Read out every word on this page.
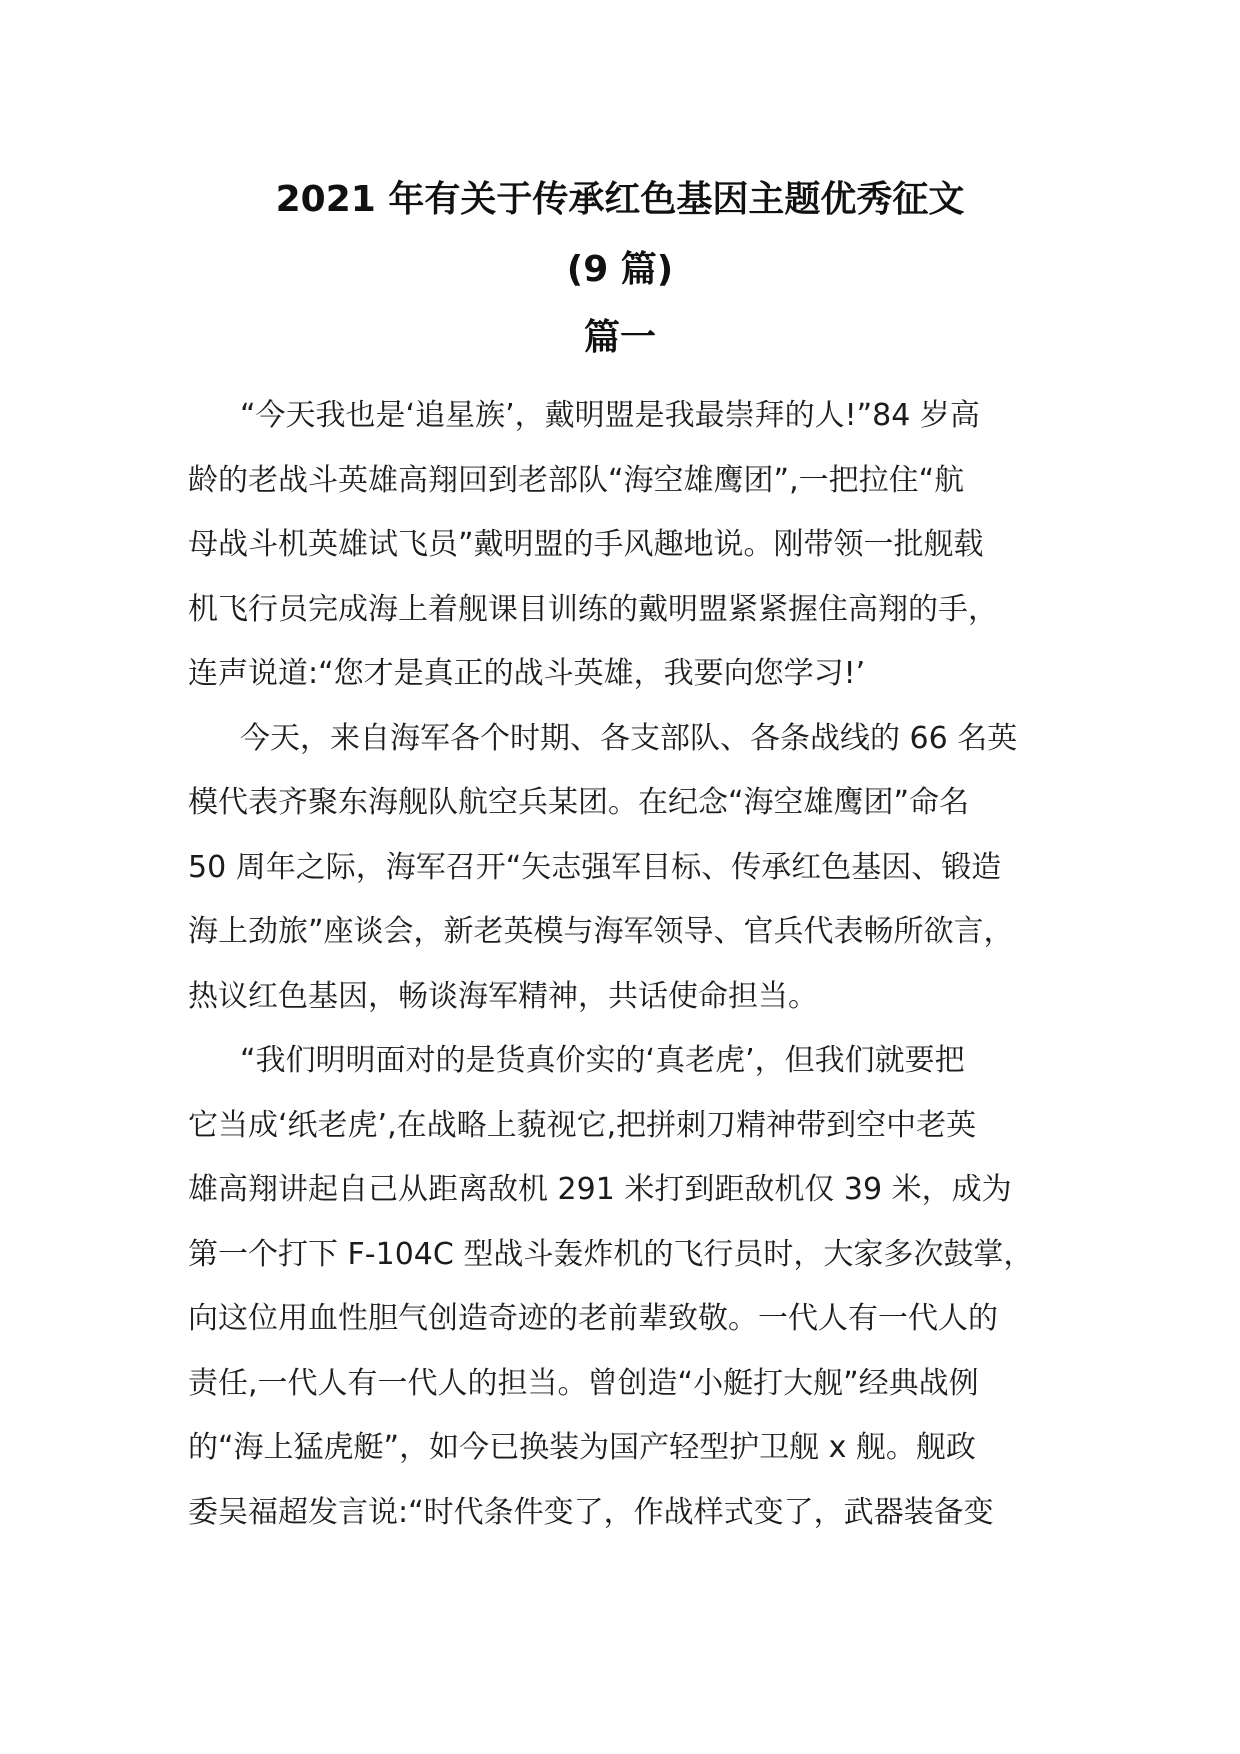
2021 年有关于传承红色基因主题优秀征文
(9 篇)
篇一
“今天我也是‘追星族’，戴明盟是我最崇拜的人!”84 岁高
龄的老战斗英雄高翔回到老部队“海空雄鹰团”,一把拉住“航
母战斗机英雄试飞员”戴明盟的手风趣地说。刚带领一批舰载
机飞行员完成海上着舰课目训练的戴明盟紧紧握住高翔的手，
连声说道:“您才是真正的战斗英雄，我要向您学习!’
今天，来自海军各个时期、各支部队、各条战线的 66 名英
模代表齐聚东海舰队航空兵某团。在纪念“海空雄鹰团”命名
50 周年之际，海军召开“矢志强军目标、传承红色基因、锻造
海上劲旅”座谈会，新老英模与海军领导、官兵代表畅所欲言，
热议红色基因，畅谈海军精神，共话使命担当。
“我们明明面对的是货真价实的‘真老虎’，但我们就要把
它当成‘纸老虎’,在战略上藐视它,把拼刺刀精神带到空中老英
雄高翔讲起自己从距离敌机 291 米打到距敌机仅 39 米，成为
第一个打下 F-104C 型战斗轰炸机的飞行员时，大家多次鼓掌，
向这位用血性胆气创造奇迹的老前辈致敬。一代人有一代人的
责任,一代人有一代人的担当。曾创造“小艇打大舰”经典战例
的“海上猛虎艇”，如今已换装为国产轻型护卫舰 x 舰。舰政
委吴福超发言说:“时代条件变了，作战样式变了，武器装备变
